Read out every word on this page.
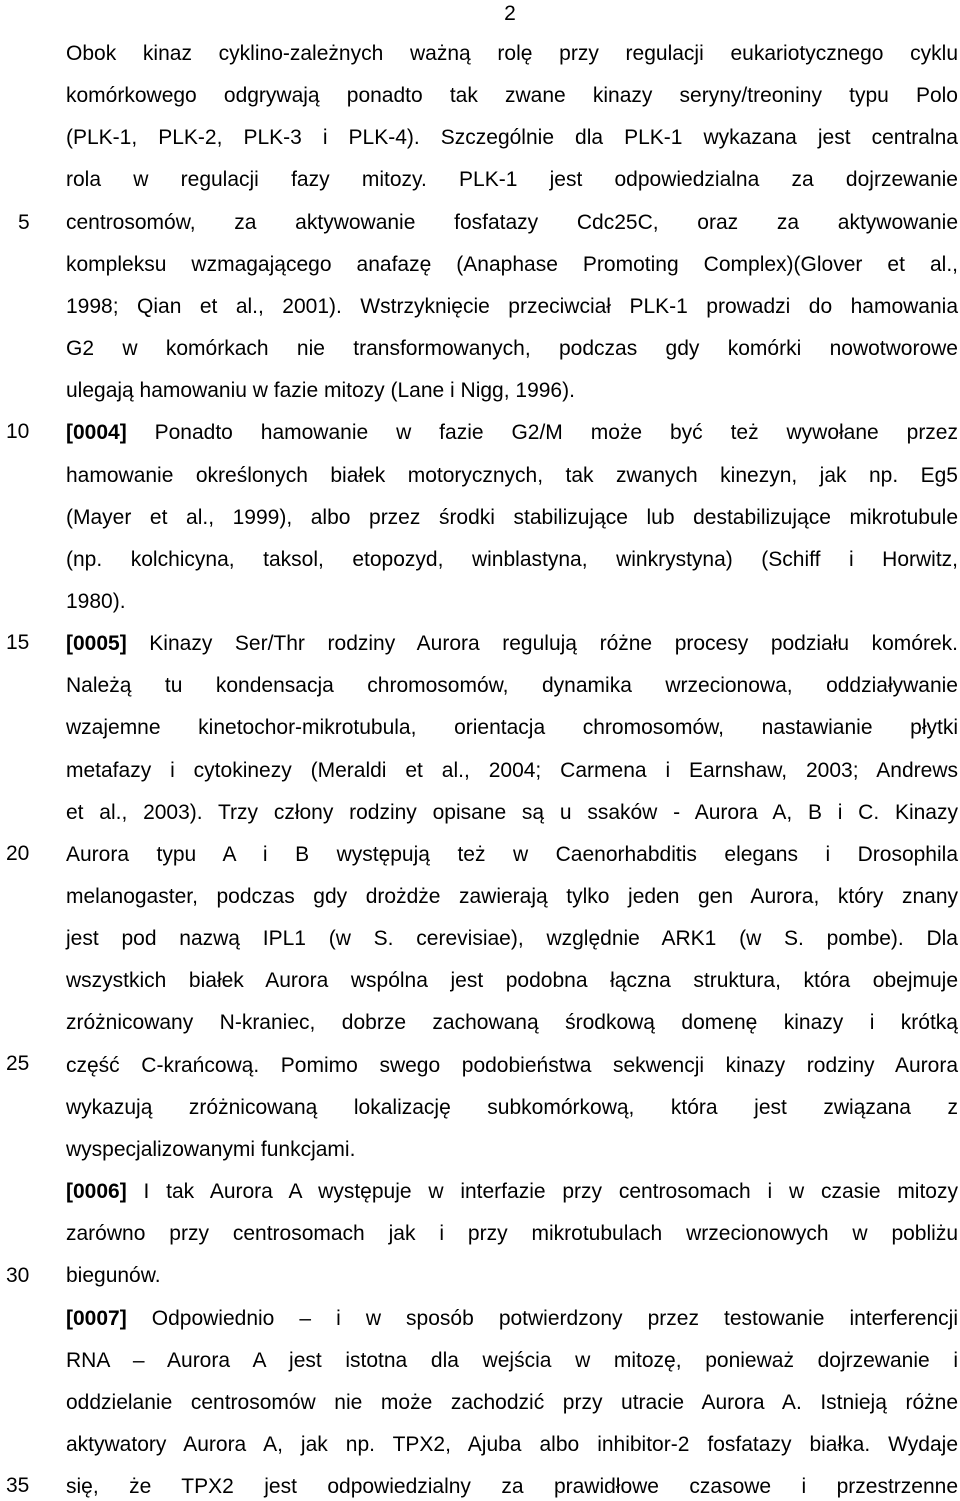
2
5
10
15
20
25
30
35
Obok kinaz cyklino-zależnych ważną rolę przy regulacji eukariotycznego cyklu
komórkowego odgrywają ponadto tak zwane kinazy seryny/treoniny typu Polo
(PLK-1, PLK-2, PLK-3 i PLK-4). Szczególnie dla PLK-1 wykazana jest centralna
rola w regulacji fazy mitozy. PLK-1 jest odpowiedzialna za dojrzewanie
centrosomów, za aktywowanie fosfatazy Cdc25C, oraz za aktywowanie
kompleksu wzmagającego anafazę (Anaphase Promoting Complex)(Glover et al.,
1998; Qian et al., 2001). Wstrzyknięcie przeciwciał PLK-1 prowadzi do hamowania
G2 w komórkach nie transformowanych, podczas gdy komórki nowotworowe
ulegają hamowaniu w fazie mitozy (Lane i Nigg, 1996).
[0004] Ponadto hamowanie w fazie G2/M może być też wywołane przez
hamowanie określonych białek motorycznych, tak zwanych kinezyn, jak np. Eg5
(Mayer et al., 1999), albo przez środki stabilizujące lub destabilizujące mikrotubule
(np. kolchicyna, taksol, etopozyd, winblastyna, winkrystyna) (Schiff i Horwitz,
1980).
[0005] Kinazy Ser/Thr rodziny Aurora regulują różne procesy podziału komórek.
Należą tu kondensacja chromosomów, dynamika wrzecionowa, oddziaływanie
wzajemne kinetochor-mikrotubula, orientacja chromosomów, nastawianie płytki
metafazy i cytokinezy (Meraldi et al., 2004; Carmena i Earnshaw, 2003; Andrews
et al., 2003). Trzy człony rodziny opisane są u ssaków - Aurora A, B i C. Kinazy
Aurora typu A i B występują też w Caenorhabditis elegans i Drosophila
melanogaster, podczas gdy drożdże zawierają tylko jeden gen Aurora, który znany
jest pod nazwą IPL1 (w S. cerevisiae), względnie ARK1 (w S. pombe). Dla
wszystkich białek Aurora wspólna jest podobna łączna struktura, która obejmuje
zróżnicowany N-kraniec, dobrze zachowaną środkową domenę kinazy i krótką
część C-krańcową. Pomimo swego podobieństwa sekwencji kinazy rodziny Aurora
wykazują zróżnicowaną lokalizację subkomórkową, która jest związana z
wyspecjalizowanymi funkcjami.
[0006] I tak Aurora A występuje w interfazie przy centrosomach i w czasie mitozy
zarówno przy centrosomach jak i przy mikrotubulach wrzecionowych w pobliżu
biegunów.
[0007] Odpowiednio – i w sposób potwierdzony przez testowanie interferencji
RNA – Aurora A jest istotna dla wejścia w mitozę, ponieważ dojrzewanie i
oddzielanie centrosomów nie może zachodzić przy utracie Aurora A. Istnieją różne
aktywatory Aurora A, jak np. TPX2, Ajuba albo inhibitor-2 fosfatazy białka. Wydaje
się, że TPX2 jest odpowiedzialny za prawidłowe czasowe i przestrzenne
